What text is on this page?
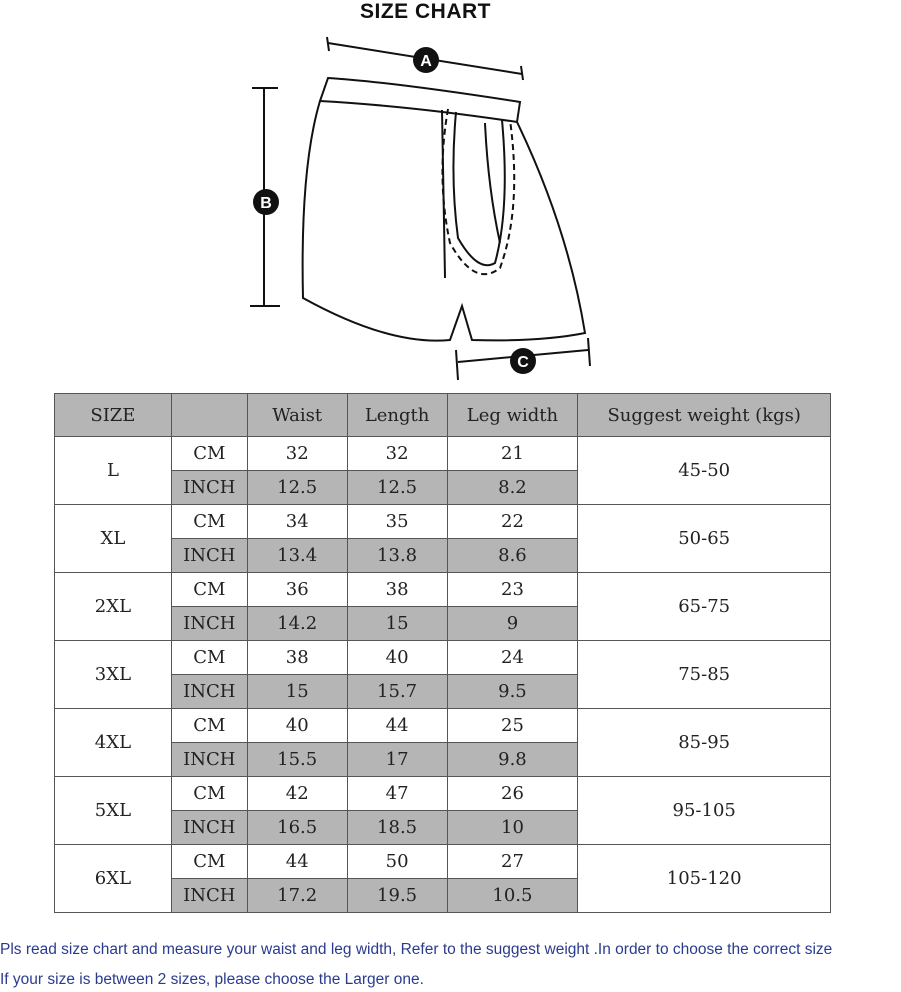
SIZE CHART
A
B
C
SIZE		Waist	Length	Leg width	Suggest weight (kgs)
L	CM	32	32	21	45-50
	INCH	12.5	12.5	8.2	
XL	CM	34	35	22	50-65
	INCH	13.4	13.8	8.6	
2XL	CM	36	38	23	65-75
	INCH	14.2	15	9	
3XL	CM	38	40	24	75-85
	INCH	15	15.7	9.5	
4XL	CM	40	44	25	85-95
	INCH	15.5	17	9.8	
5XL	CM	42	47	26	95-105
	INCH	16.5	18.5	10	
6XL	CM	44	50	27	105-120
	INCH	17.2	19.5	10.5	
Pls read size chart and measure your waist and leg width, Refer to the suggest weight .In order to choose the correct size
If your size is between 2 sizes, please choose the Larger one.
